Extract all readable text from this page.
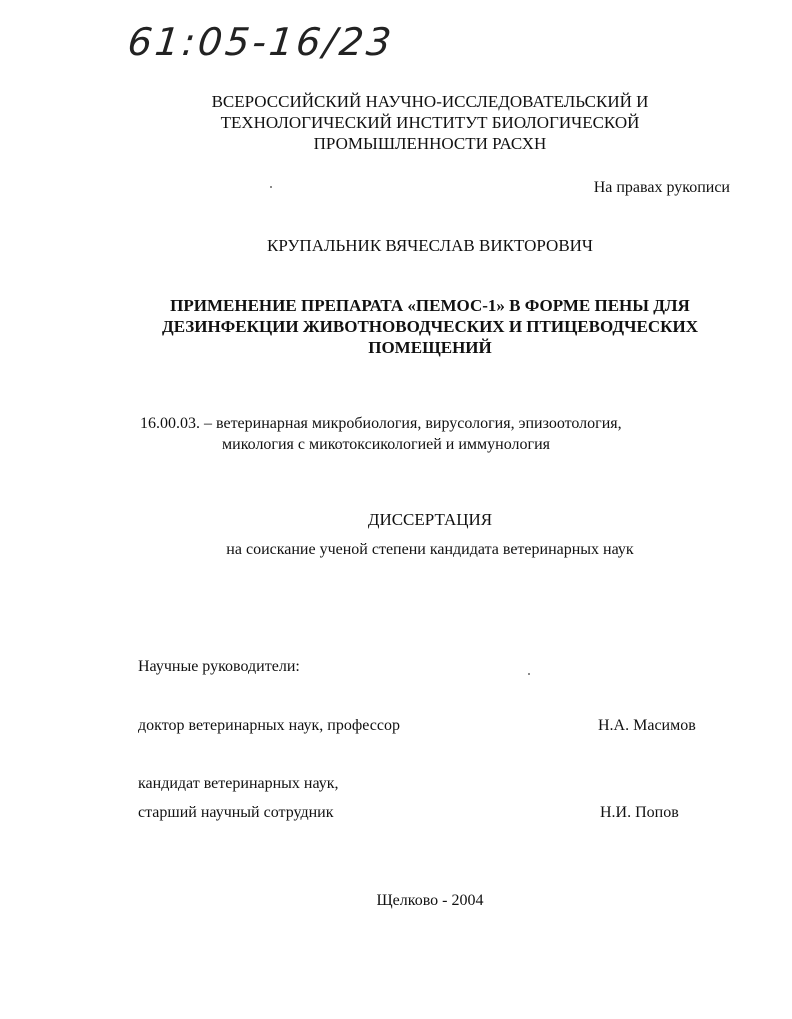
61:05-16/23
ВСЕРОССИЙСКИЙ НАУЧНО-ИССЛЕДОВАТЕЛЬСКИЙ И
ТЕХНОЛОГИЧЕСКИЙ ИНСТИТУТ БИОЛОГИЧЕСКОЙ
ПРОМЫШЛЕННОСТИ РАСХН
На правах рукописи
КРУПАЛЬНИК ВЯЧЕСЛАВ ВИКТОРОВИЧ
ПРИМЕНЕНИЕ ПРЕПАРАТА «ПЕМОС-1» В ФОРМЕ ПЕНЫ ДЛЯ
ДЕЗИНФЕКЦИИ ЖИВОТНОВОДЧЕСКИХ И ПТИЦЕВОДЧЕСКИХ
ПОМЕЩЕНИЙ
16.00.03. – ветеринарная микробиология, вирусология, эпизоотология,
микология с микотоксикологией и иммунология
ДИССЕРТАЦИЯ
на соискание ученой степени кандидата ветеринарных наук
Научные руководители:
доктор ветеринарных наук, профессор	Н.А. Масимов
кандидат ветеринарных наук,
старший научный сотрудник	Н.И. Попов
Щелково - 2004
